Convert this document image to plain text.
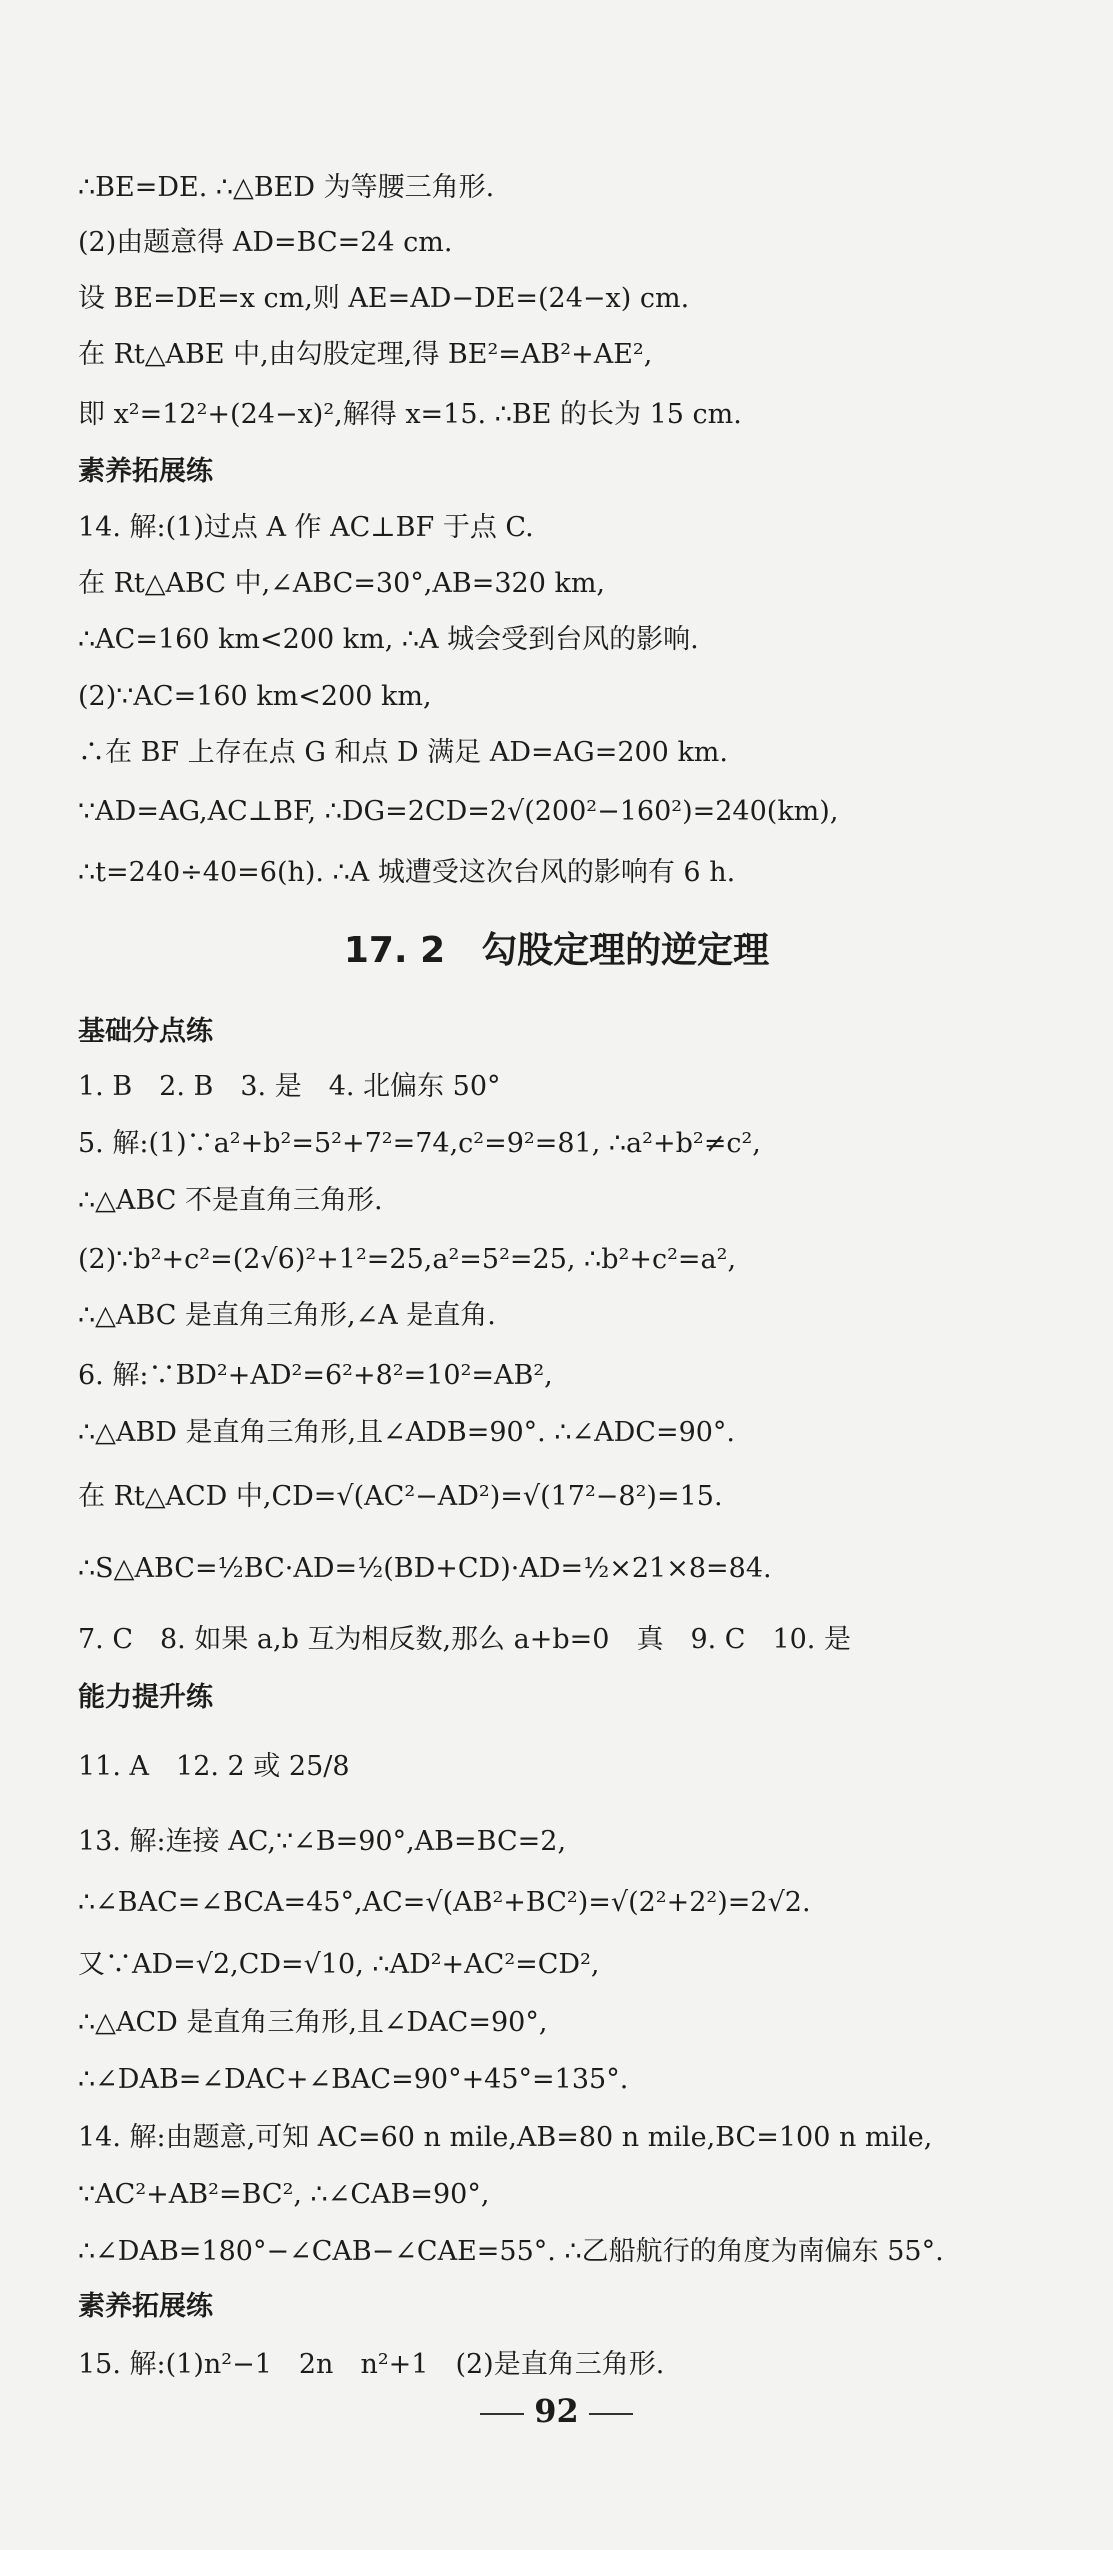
∴BE=DE. ∴△BED 为等腰三角形.
(2)由题意得 AD=BC=24 cm.
设 BE=DE=x cm,则 AE=AD−DE=(24−x) cm.
在 Rt△ABE 中,由勾股定理,得 BE²=AB²+AE²,
即 x²=12²+(24−x)²,解得 x=15. ∴BE 的长为 15 cm.
素养拓展练
14. 解:(1)过点 A 作 AC⊥BF 于点 C.
在 Rt△ABC 中,∠ABC=30°,AB=320 km,
∴AC=160 km<200 km, ∴A 城会受到台风的影响.
(2)∵AC=160 km<200 km,
∴在 BF 上存在点 G 和点 D 满足 AD=AG=200 km.
∵AD=AG,AC⊥BF, ∴DG=2CD=2√(200²−160²)=240(km),
∴t=240÷40=6(h). ∴A 城遭受这次台风的影响有 6 h.
17. 2　勾股定理的逆定理
基础分点练
1. B　2. B　3. 是　4. 北偏东 50°
5. 解:(1)∵a²+b²=5²+7²=74,c²=9²=81, ∴a²+b²≠c²,
∴△ABC 不是直角三角形.
(2)∵b²+c²=(2√6)²+1²=25,a²=5²=25, ∴b²+c²=a²,
∴△ABC 是直角三角形,∠A 是直角.
6. 解:∵BD²+AD²=6²+8²=10²=AB²,
∴△ABD 是直角三角形,且∠ADB=90°. ∴∠ADC=90°.
在 Rt△ACD 中,CD=√(AC²−AD²)=√(17²−8²)=15.
∴S△ABC=½BC·AD=½(BD+CD)·AD=½×21×8=84.
7. C　8. 如果 a,b 互为相反数,那么 a+b=0　真　9. C　10. 是
能力提升练
11. A　12. 2 或 25/8
13. 解:连接 AC,∵∠B=90°,AB=BC=2,
∴∠BAC=∠BCA=45°,AC=√(AB²+BC²)=√(2²+2²)=2√2.
又∵AD=√2,CD=√10, ∴AD²+AC²=CD²,
∴△ACD 是直角三角形,且∠DAC=90°,
∴∠DAB=∠DAC+∠BAC=90°+45°=135°.
14. 解:由题意,可知 AC=60 n mile,AB=80 n mile,BC=100 n mile,
∵AC²+AB²=BC², ∴∠CAB=90°,
∴∠DAB=180°−∠CAB−∠CAE=55°. ∴乙船航行的角度为南偏东 55°.
素养拓展练
15. 解:(1)n²−1　2n　n²+1　(2)是直角三角形.
92
